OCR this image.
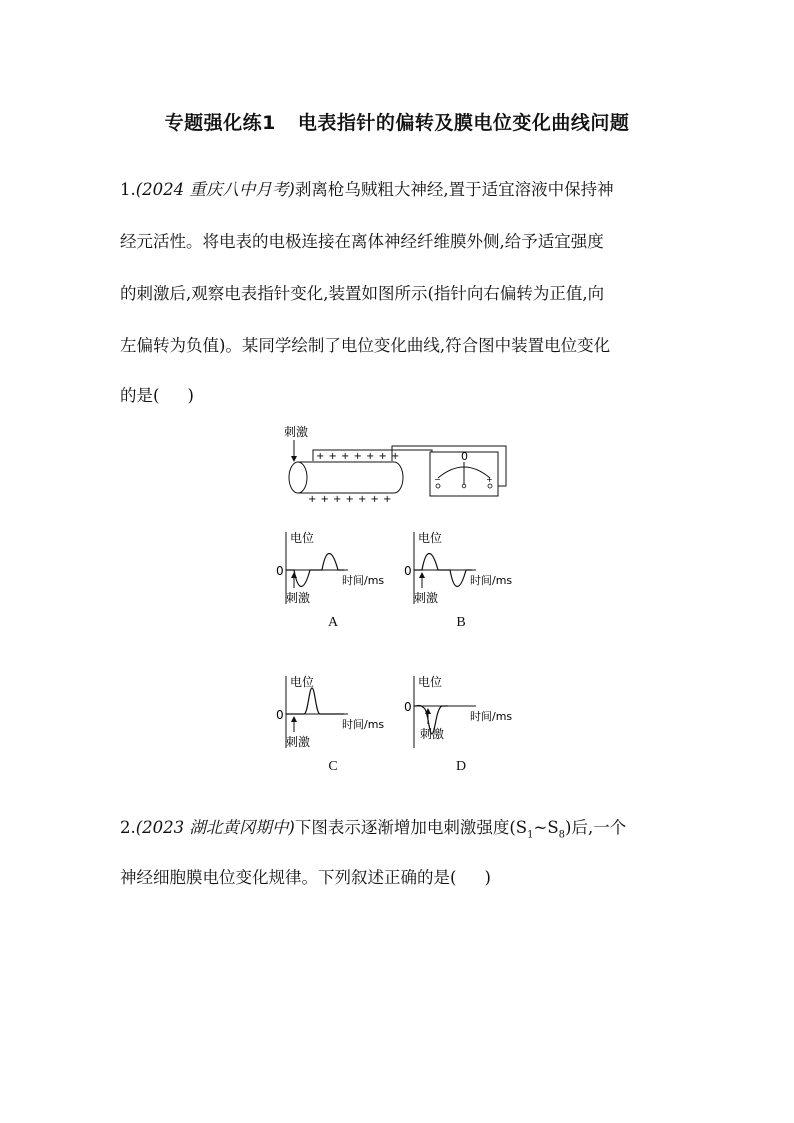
专题强化练1 电表指针的偏转及膜电位变化曲线问题
1.(2024 重庆八中月考)剥离枪乌贼粗大神经,置于适宜溶液中保持神
经元活性。将电表的电极连接在离体神经纤维膜外侧,给予适宜强度
的刺激后,观察电表指针变化,装置如图所示(指针向右偏转为正值,向
左偏转为负值)。某同学绘制了电位变化曲线,符合图中装置电位变化
的是( )
刺激
+ + + + + + +
+ + + + + + +
0
−	+
电位
0
时间/ms
刺激
电位
0
时间/ms
刺激
电位
0
时间/ms
刺激
电位
0
时间/ms
刺激
A	B
C	D
2.(2023 湖北黄冈期中)下图表示逐渐增加电刺激强度$(S_1\sim S_8)$后,一个
神经细胞膜电位变化规律。下列叙述正确的是( )
